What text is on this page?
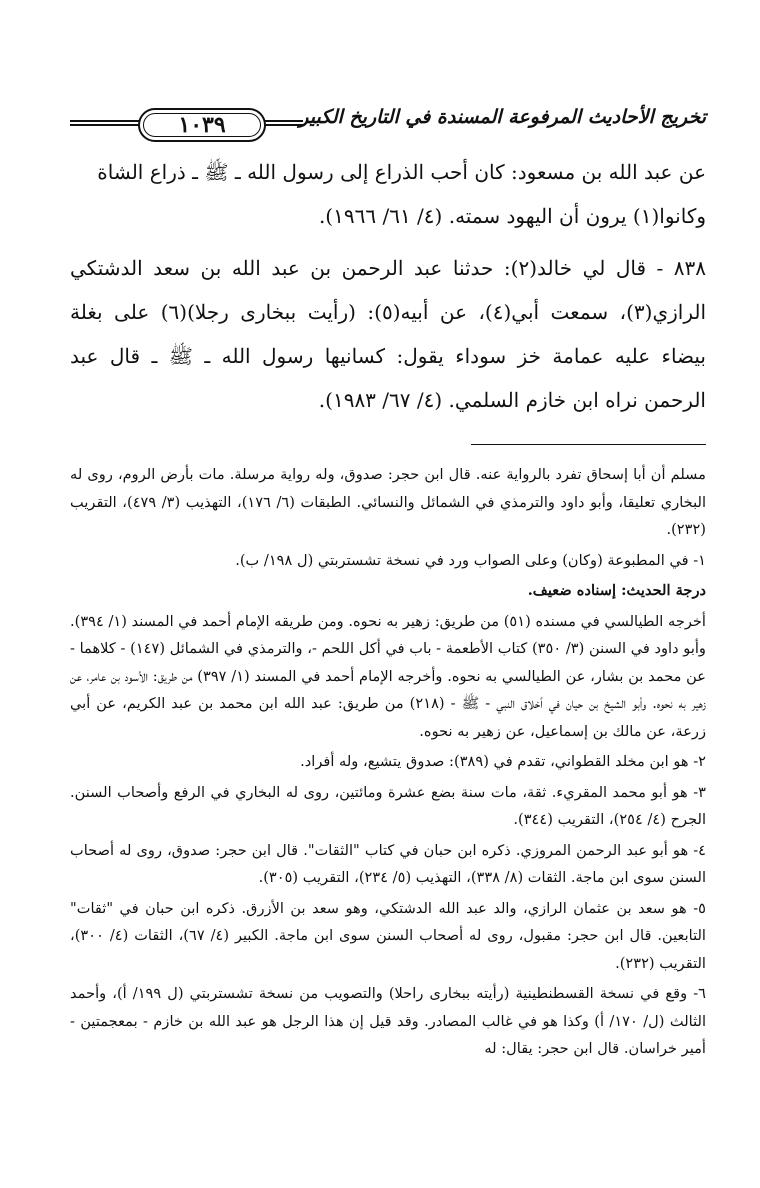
تخريج الأحاديث المرفوعة المسندة في التاريخ الكبير
١٠٣٩

عن عبد الله بن مسعود: كان أحب الذراع إلى رسول الله ـ ﷺ ـ ذراع الشاة

وكانوا(١) يرون أن اليهود سمته. (٤/ ٦١/ ١٩٦٦).

٨٣٨ - قال لي خالد(٢): حدثنا عبد الرحمن بن عبد الله بن سعد الدشتكي الرازي(٣)، سمعت أبي(٤)، عن أبيه(٥): (رأيت ببخارى رجلا)(٦) على بغلة بيضاء عليه عمامة خز سوداء يقول: كسانيها رسول الله ـ ﷺ ـ قال عبد الرحمن نراه ابن خازم السلمي. (٤/ ٦٧/ ١٩٨٣).

مسلم أن أبا إسحاق تفرد بالرواية عنه. قال ابن حجر: صدوق، وله رواية مرسلة. مات بأرض الروم، روى له البخاري تعليقا، وأبو داود والترمذي في الشمائل والنسائي. الطبقات (٦/ ١٧٦)، التهذيب (٣/ ٤٧٩)، التقريب (٢٣٢).

١- في المطبوعة (وكان) وعلى الصواب ورد في نسخة تشستربتي (ل ١٩٨/ ب).

درجة الحديث: إسناده ضعيف.

أخرجه الطيالسي في مسنده (٥١) من طريق: زهير به نحوه. ومن طريقه الإمام أحمد في المسند (١/ ٣٩٤). وأبو داود في السنن (٣/ ٣٥٠) كتاب الأطعمة - باب في أكل اللحم -، والترمذي في الشمائل (١٤٧) - كلاهما - عن محمد بن بشار، عن الطيالسي به نحوه. وأخرجه الإمام أحمد في المسند (١/ ٣٩٧) من طريق: الأسود بن عامر، عن زهير به نحوه. وأبو الشيخ بن حيان في أخلاق النبي - ﷺ - (٢١٨) من طريق: عبد الله ابن محمد بن عبد الكريم، عن أبي زرعة، عن مالك بن إسماعيل، عن زهير به نحوه.

٢- هو ابن مخلد القطواني، تقدم في (٣٨٩): صدوق يتشيع، وله أفراد.

٣- هو أبو محمد المقريء. ثقة، مات سنة بضع عشرة ومائتين، روى له البخاري في الرفع وأصحاب السنن. الجرح (٤/ ٢٥٤)، التقريب (٣٤٤).

٤- هو أبو عبد الرحمن المروزي. ذكره ابن حبان في كتاب "الثقات". قال ابن حجر: صدوق، روى له أصحاب السنن سوى ابن ماجة. الثقات (٨/ ٣٣٨)، التهذيب (٥/ ٢٣٤)، التقريب (٣٠٥).

٥- هو سعد بن عثمان الرازي، والد عبد الله الدشتكي، وهو سعد بن الأزرق. ذكره ابن حبان في "ثقات" التابعين. قال ابن حجر: مقبول، روى له أصحاب السنن سوى ابن ماجة. الكبير (٤/ ٦٧)، الثقات (٤/ ٣٠٠)، التقريب (٢٣٢).

٦- وقع في نسخة القسطنطينية (رأيته ببخارى راحلا) والتصويب من نسخة تشستربتي (ل ١٩٩/ أ)، وأحمد الثالث (ل/ ١٧٠/ أ) وكذا هو في غالب المصادر. وقد قيل إن هذا الرجل هو عبد الله بن خازم - بمعجمتين - أمير خراسان. قال ابن حجر: يقال: له
